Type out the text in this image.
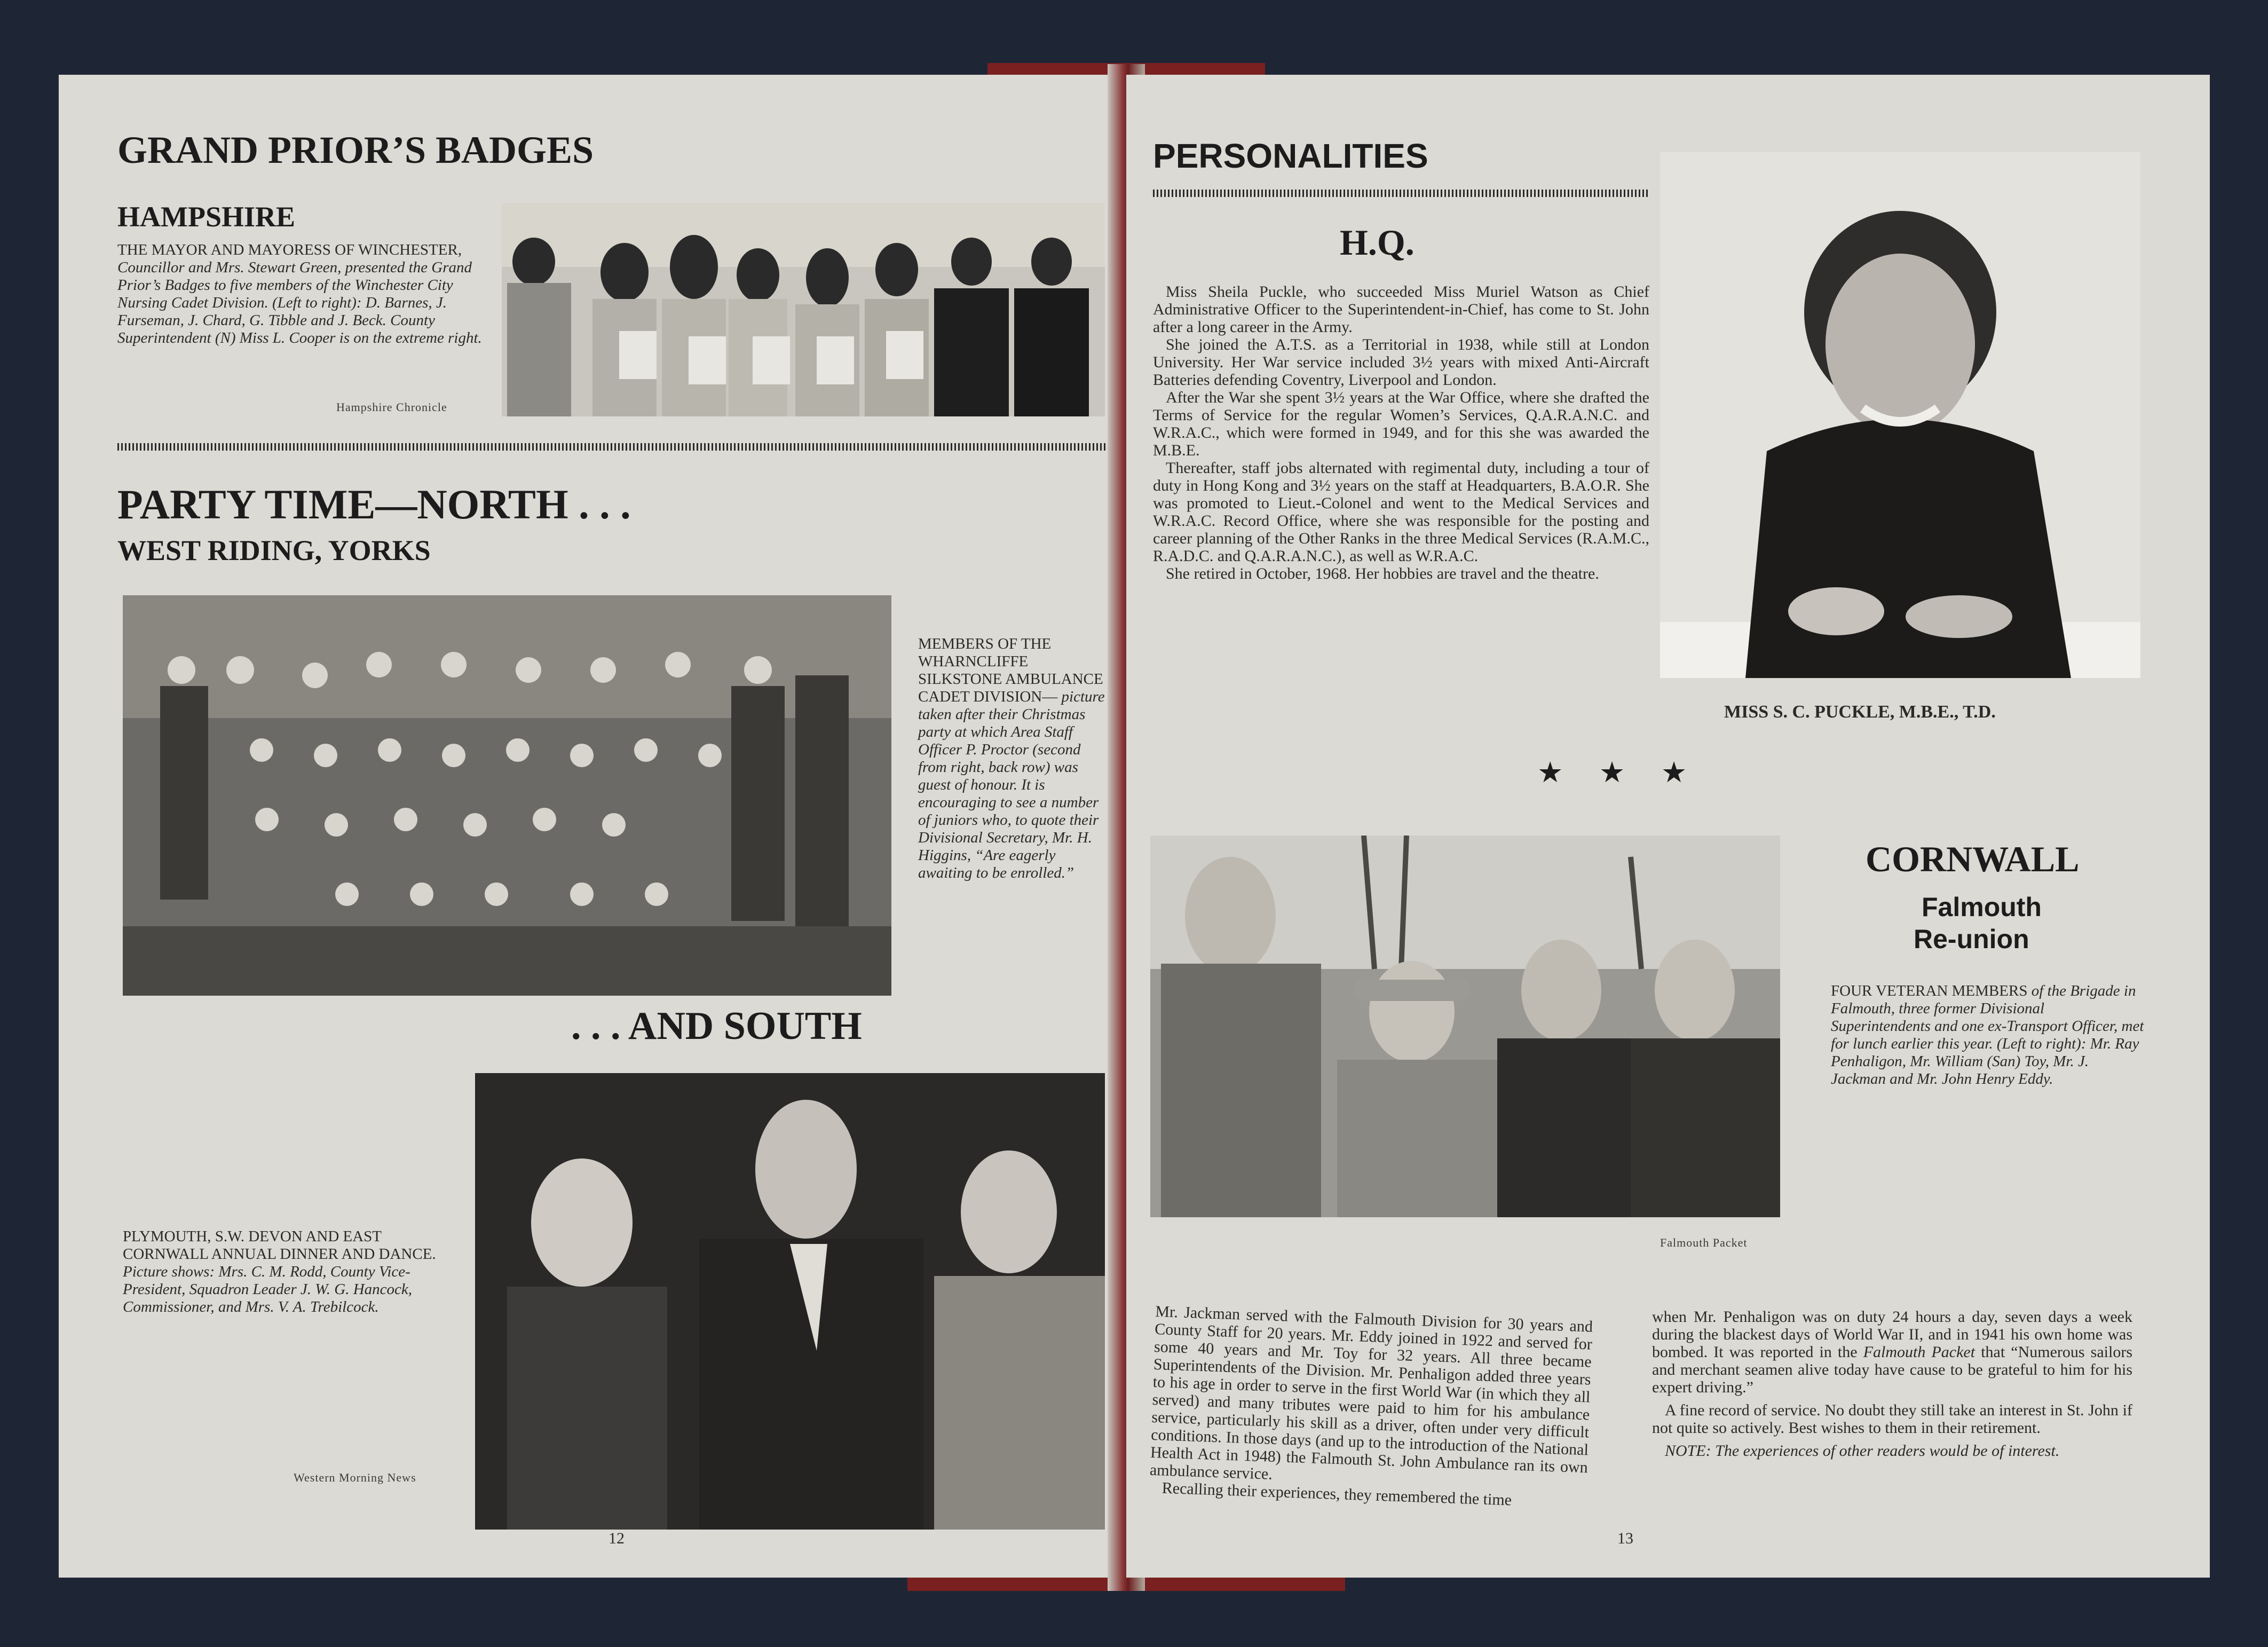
GRAND PRIOR’S BADGES
HAMPSHIRE
THE MAYOR AND MAYORESS OF WINCHESTER, Councillor and Mrs. Stewart Green, presented the Grand Prior’s Badges to five members of the Winchester City Nursing Cadet Division. (Left to right): D. Barnes, J. Furseman, J. Chard, G. Tibble and J. Beck. County Superintendent (N) Miss L. Cooper is on the extreme right.
Hampshire Chronicle
PARTY TIME—NORTH . . .
WEST RIDING, YORKS
MEMBERS OF THE WHARNCLIFFE SILKSTONE AMBULANCE CADET DIVISION— picture taken after their Christmas party at which Area Staff Officer P. Proctor (second from right, back row) was guest of honour. It is encouraging to see a number of juniors who, to quote their Divisional Secretary, Mr. H. Higgins, “Are eagerly awaiting to be enrolled.”
. . . AND SOUTH
PLYMOUTH, S.W. DEVON AND EAST CORNWALL ANNUAL DINNER AND DANCE. Picture shows: Mrs. C. M. Rodd, County Vice-President, Squadron Leader J. W. G. Hancock, Commissioner, and Mrs. V. A. Trebilcock.
Western Morning News
12
PERSONALITIES
H.Q.

Miss Sheila Puckle, who succeeded Miss Muriel Watson as Chief Administrative Officer to the Superintendent-in-Chief, has come to St. John after a long career in the Army.

She joined the A.T.S. as a Territorial in 1938, while still at London University. Her War service included 3½ years with mixed Anti-Aircraft Batteries defending Coventry, Liverpool and London.

After the War she spent 3½ years at the War Office, where she drafted the Terms of Service for the regular Women’s Services, Q.A.R.A.N.C. and W.R.A.C., which were formed in 1949, and for this she was awarded the M.B.E.

Thereafter, staff jobs alternated with regimental duty, including a tour of duty in Hong Kong and 3½ years on the staff at Headquarters, B.A.O.R. She was promoted to Lieut.-Colonel and went to the Medical Services and W.R.A.C. Record Office, where she was responsible for the posting and career planning of the Other Ranks in the three Medical Services (R.A.M.C., R.A.D.C. and Q.A.R.A.N.C.), as well as W.R.A.C.

She retired in October, 1968. Her hobbies are travel and the theatre.

MISS S. C. PUCKLE, M.B.E., T.D.
★     ★     ★
CORNWALL
Falmouth
Re-union
FOUR VETERAN MEMBERS of the Brigade in Falmouth, three former Divisional Superintendents and one ex-Transport Officer, met for lunch earlier this year. (Left to right): Mr. Ray Penhaligon, Mr. William (San) Toy, Mr. J. Jackman and Mr. John Henry Eddy.
Falmouth Packet

Mr. Jackman served with the Falmouth Division for 30 years and County Staff for 20 years. Mr. Eddy joined in 1922 and served for some 40 years and Mr. Toy for 32 years. All three became Superintendents of the Division. Mr. Penhaligon added three years to his age in order to serve in the first World War (in which they all served) and many tributes were paid to him for his ambulance service, particularly his skill as a driver, often under very difficult conditions. In those days (and up to the introduction of the National Health Act in 1948) the Falmouth St. John Ambulance ran its own ambulance service.

Recalling their experiences, they remembered the time

when Mr. Penhaligon was on duty 24 hours a day, seven days a week during the blackest days of World War II, and in 1941 his own home was bombed. It was reported in the Falmouth Packet that “Numerous sailors and merchant seamen alive today have cause to be grateful to him for his expert driving.”

A fine record of service. No doubt they still take an interest in St. John if not quite so actively. Best wishes to them in their retirement.

NOTE: The experiences of other readers would be of interest.

13
